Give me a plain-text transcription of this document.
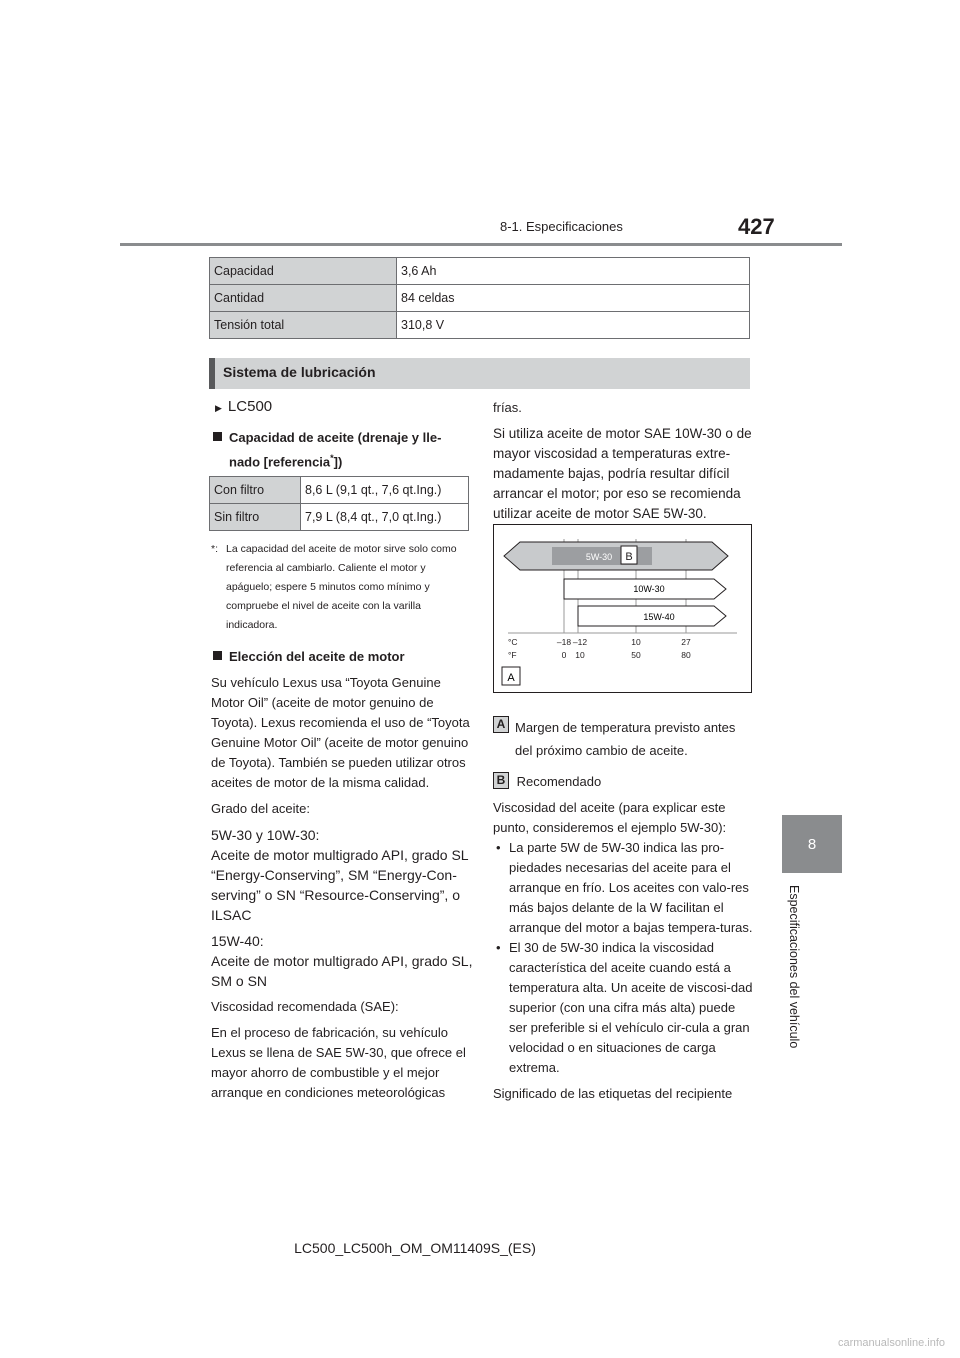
8-1. Especificaciones	427
8
Especificaciones del vehículo
Capacidad	3,6 Ah
Cantidad	84 celdas
Tensión total	310,8 V
Sistema de lubricación
▶ LC500
Capacidad de aceite (drenaje y lle-
nado [referencia*])
Con filtro	8,6 L (9,1 qt., 7,6 qt.Ing.)
Sin filtro	7,9 L (8,4 qt., 7,0 qt.Ing.)
*: La capacidad del aceite de motor sirve solo como referencia al cambiarlo. Caliente el motor y apáguelo; espere 5 minutos como mínimo y compruebe el nivel de aceite con la varilla indicadora.
Elección del aceite de motor

Su vehículo Lexus usa “Toyota Genuine Motor Oil” (aceite de motor genuino de Toyota). Lexus recomienda el uso de “Toyota Genuine Motor Oil” (aceite de motor genuino de Toyota). También se pueden utilizar otros aceites de motor de la misma calidad.

Grado del aceite:

5W-30 y 10W-30:
Aceite de motor multigrado API, grado SL “Energy-Conserving”, SM “Energy-Con-serving” o SN “Resource-Conserving”, o ILSAC

15W-40:
Aceite de motor multigrado API, grado SL, SM o SN

Viscosidad recomendada (SAE):

En el proceso de fabricación, su vehículo Lexus se llena de SAE 5W-30, que ofrece el mayor ahorro de combustible y el mejor arranque en condiciones meteorológicas

frías.

Si utiliza aceite de motor SAE 10W-30 o de mayor viscosidad a temperaturas extre-madamente bajas, podría resultar difícil arrancar el motor; por eso se recomienda utilizar aceite de motor SAE 5W-30.

5W-30 B
10W-30
15W-40
°C
°F
–18 –12	10	27
0 10	50	80
A
A Margen de temperatura previsto antes del próximo cambio de aceite.
B Recomendado

Viscosidad del aceite (para explicar este punto, consideremos el ejemplo 5W-30):

• La parte 5W de 5W-30 indica las pro-piedades necesarias del aceite para el arranque en frío. Los aceites con valo-res más bajos delante de la W facilitan el arranque del motor a bajas tempera-turas.
• El 30 de 5W-30 indica la viscosidad característica del aceite cuando está a temperatura alta. Un aceite de viscosi-dad superior (con una cifra más alta) puede ser preferible si el vehículo cir-cula a gran velocidad o en situaciones de carga extrema.

Significado de las etiquetas del recipiente

LC500_LC500h_OM_OM11409S_(ES)
carmanualsonline.info
